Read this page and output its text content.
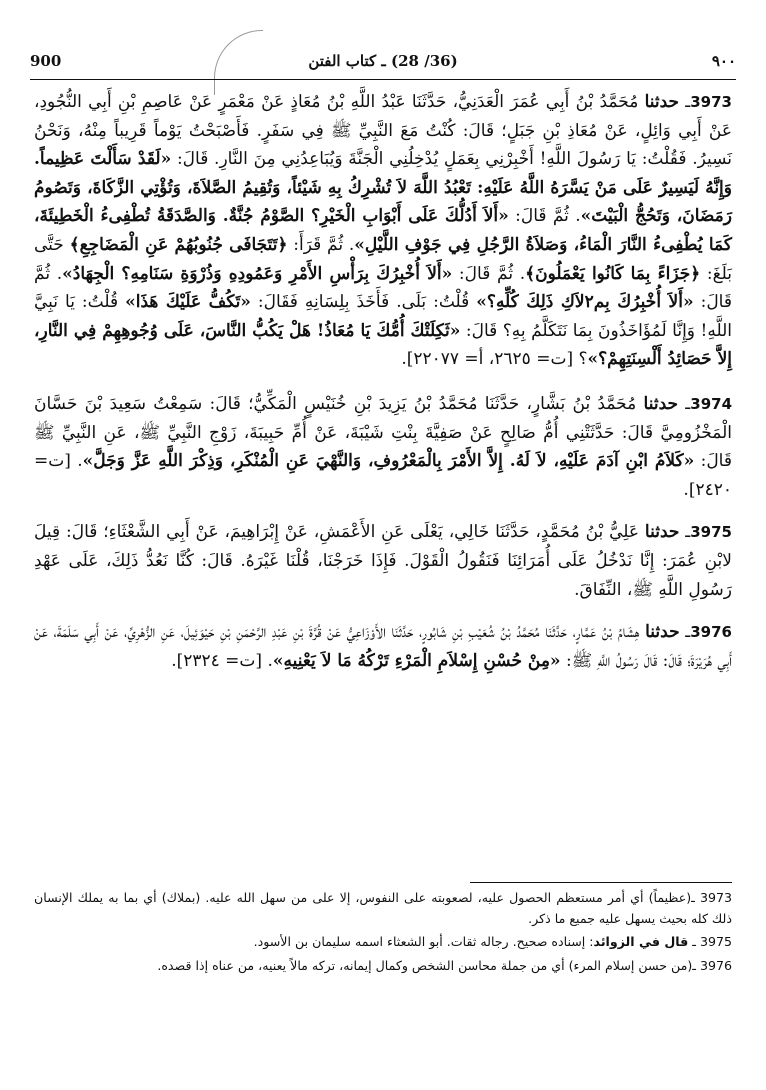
900	(36/ 28) ـ كتاب الفتن	٩٠٠

3973ـ حدثنا مُحَمَّدُ بْنُ أَبِي عُمَرَ الْعَدَنِيُّ، حَدَّثَنَا عَبْدُ اللَّهِ بْنُ مُعَاذٍ عَنْ مَعْمَرٍ عَنْ عَاصِمِ بْنِ أَبِي النُّجُودِ، عَنْ أَبِي وَائِلٍ، عَنْ مُعَاذِ بْنِ جَبَلٍ؛ قَالَ: كُنْتُ مَعَ النَّبِيِّ ﷺ فِي سَفَرٍ. فَأَصْبَحْتُ يَوْماً قَرِيباً مِنْهُ، وَنَحْنُ نَسِيرُ. فَقُلْتُ: يَا رَسُولَ اللَّهِ! أَخْبِرْنِي بِعَمَلٍ يُدْخِلُنِي الْجَنَّةَ وَيُبَاعِدُنِي مِنَ النَّارِ. قَالَ: «لَقَدْ سَأَلْتَ عَظِيماً. وَإِنَّهُ لَيَسِيرٌ عَلَى مَنْ يَسَّرَهُ اللَّهُ عَلَيْهِ: تَعْبُدُ اللَّهَ لاَ تُشْرِكُ بِهِ شَيْئاً، وَتُقِيمُ الصَّلاَةَ، وَتُؤْتِي الزَّكَاةَ، وَتَصُومُ رَمَضَانَ، وَتَحُجُّ الْبَيْتَ». ثُمَّ قَالَ: «أَلاَ أَدُلُّكَ عَلَى أَبْوَابِ الْخَيْرِ؟ الصَّوْمُ جُنَّةٌ. وَالصَّدَقَةُ تُطْفِىءُ الْخَطِيئَةَ، كَمَا يُطْفِىءُ النَّارَ الْمَاءُ، وَصَلاَةُ الرَّجُلِ فِي جَوْفِ اللَّيْلِ». ثُمَّ قَرَأَ: ﴿تَتَجَافَى جُنُوبُهُمْ عَنِ الْمَضَاجِعِ﴾ حَتَّى بَلَغَ: ﴿جَزَاءً بِمَا كَانُوا يَعْمَلُونَ﴾. ثُمَّ قَالَ: «أَلاَ أُخْبِرُكَ بِرَأْسِ الأَمْرِ وَعَمُودِهِ وَذُرْوَةِ سَنَامِهِ؟ الْجِهَادُ». ثُمَّ قَالَ: «أَلاَ أُخْبِرُكَ بِم٢لاَكِ ذَلِكَ كُلِّهِ؟» قُلْتُ: بَلَى. فَأَخَذَ بِلِسَانِهِ فَقَالَ: «تَكُفُّ عَلَيْكَ هَذَا» قُلْتُ: يَا نَبِيَّ اللَّهِ! وَإِنَّا لَمُؤَاخَذُونَ بِمَا نَتَكَلَّمُ بِهِ؟ قَالَ: «ثَكِلَتْكَ أُمُّكَ يَا مُعَاذُ! هَلْ يَكُبُّ النَّاسَ، عَلَى وُجُوهِهِمْ فِي النَّارِ، إِلاَّ حَصَائِدُ أَلْسِنَتِهِمْ؟»؟ [ت= ٢٦٢٥، أ= ٢٢٠٧٧].

3974ـ حدثنا مُحَمَّدُ بْنُ بَشَّارٍ، حَدَّثَنَا مُحَمَّدُ بْنُ يَزِيدَ بْنِ خُنَيْسٍ الْمَكِّيُّ؛ قَالَ: سَمِعْتُ سَعِيدَ بْنَ حَسَّانَ الْمَخْزُومِيَّ قَالَ: حَدَّثَتْنِي أُمُّ صَالِحٍ عَنْ صَفِيَّةَ بِنْتِ شَيْبَةَ، عَنْ أُمِّ حَبِيبَةَ، زَوْجِ النَّبِيِّ ﷺ، عَنِ النَّبِيِّ ﷺ قَالَ: «كَلاَمُ ابْنِ آدَمَ عَلَيْهِ، لاَ لَهُ. إِلاَّ الأَمْرَ بِالْمَعْرُوفِ، وَالنَّهْيَ عَنِ الْمُنْكَرِ، وَذِكْرَ اللَّهِ عَزَّ وَجَلَّ». [ت= ٢٤٢٠].

3975ـ حدثنا عَلِيُّ بْنُ مُحَمَّدٍ، حَدَّثَنَا خَالِي، يَعْلَى عَنِ الأَعْمَشِ، عَنْ إِبْرَاهِيمَ، عَنْ أَبِي الشَّعْثَاءِ؛ قَالَ: قِيلَ لابْنِ عُمَرَ: إِنَّا نَدْخُلُ عَلَى أُمَرَائِنَا فَنَقُولُ الْقَوْلَ. فَإِذَا خَرَجْنَا، قُلْنَا غَيْرَهُ. قَالَ: كُنَّا نَعُدُّ ذَلِكَ، عَلَى عَهْدِ رَسُولِ اللَّهِ ﷺ، النِّفَاقَ.

3976ـ حدثنا هِشَامُ بْنُ عَمَّارٍ، حَدَّثَنَا مُحَمَّدُ بْنُ شُعَيْبِ بْنِ شَابُورٍ، حَدَّثَنَا الأَوْزَاعِيُّ عَنْ قُرَّةَ بْنِ عَبْدِ الرَّحْمَنِ بْنِ حَيْوَئِيلَ، عَنِ الزُّهْرِيِّ، عَنْ أَبِي سَلَمَةَ، عَنْ أَبِي هُرَيْرَةَ؛ قَالَ: قَالَ رَسُولُ اللَّهِ ﷺ: «مِنْ حُسْنِ إِسْلاَمِ الْمَرْءِ تَرْكُهُ مَا لاَ يَعْنِيهِ». [ت= ٢٣٢٤].

3973 ـ(عظيماً) أي أمر مستعظم الحصول عليه، لصعوبته على النفوس، إلا على من سهل الله عليه. (بملاك) أي بما به يملك الإنسان ذلك كله بحيث يسهل عليه جميع ما ذكر.

3975 ـ قال في الزوائد: إسناده صحيح. رجاله ثقات. أبو الشعثاء اسمه سليمان بن الأسود.

3976 ـ(من حسن إسلام المرء) أي من جملة محاسن الشخص وكمال إيمانه، تركه مالاً يعنيه، من عناه إذا قصده.
